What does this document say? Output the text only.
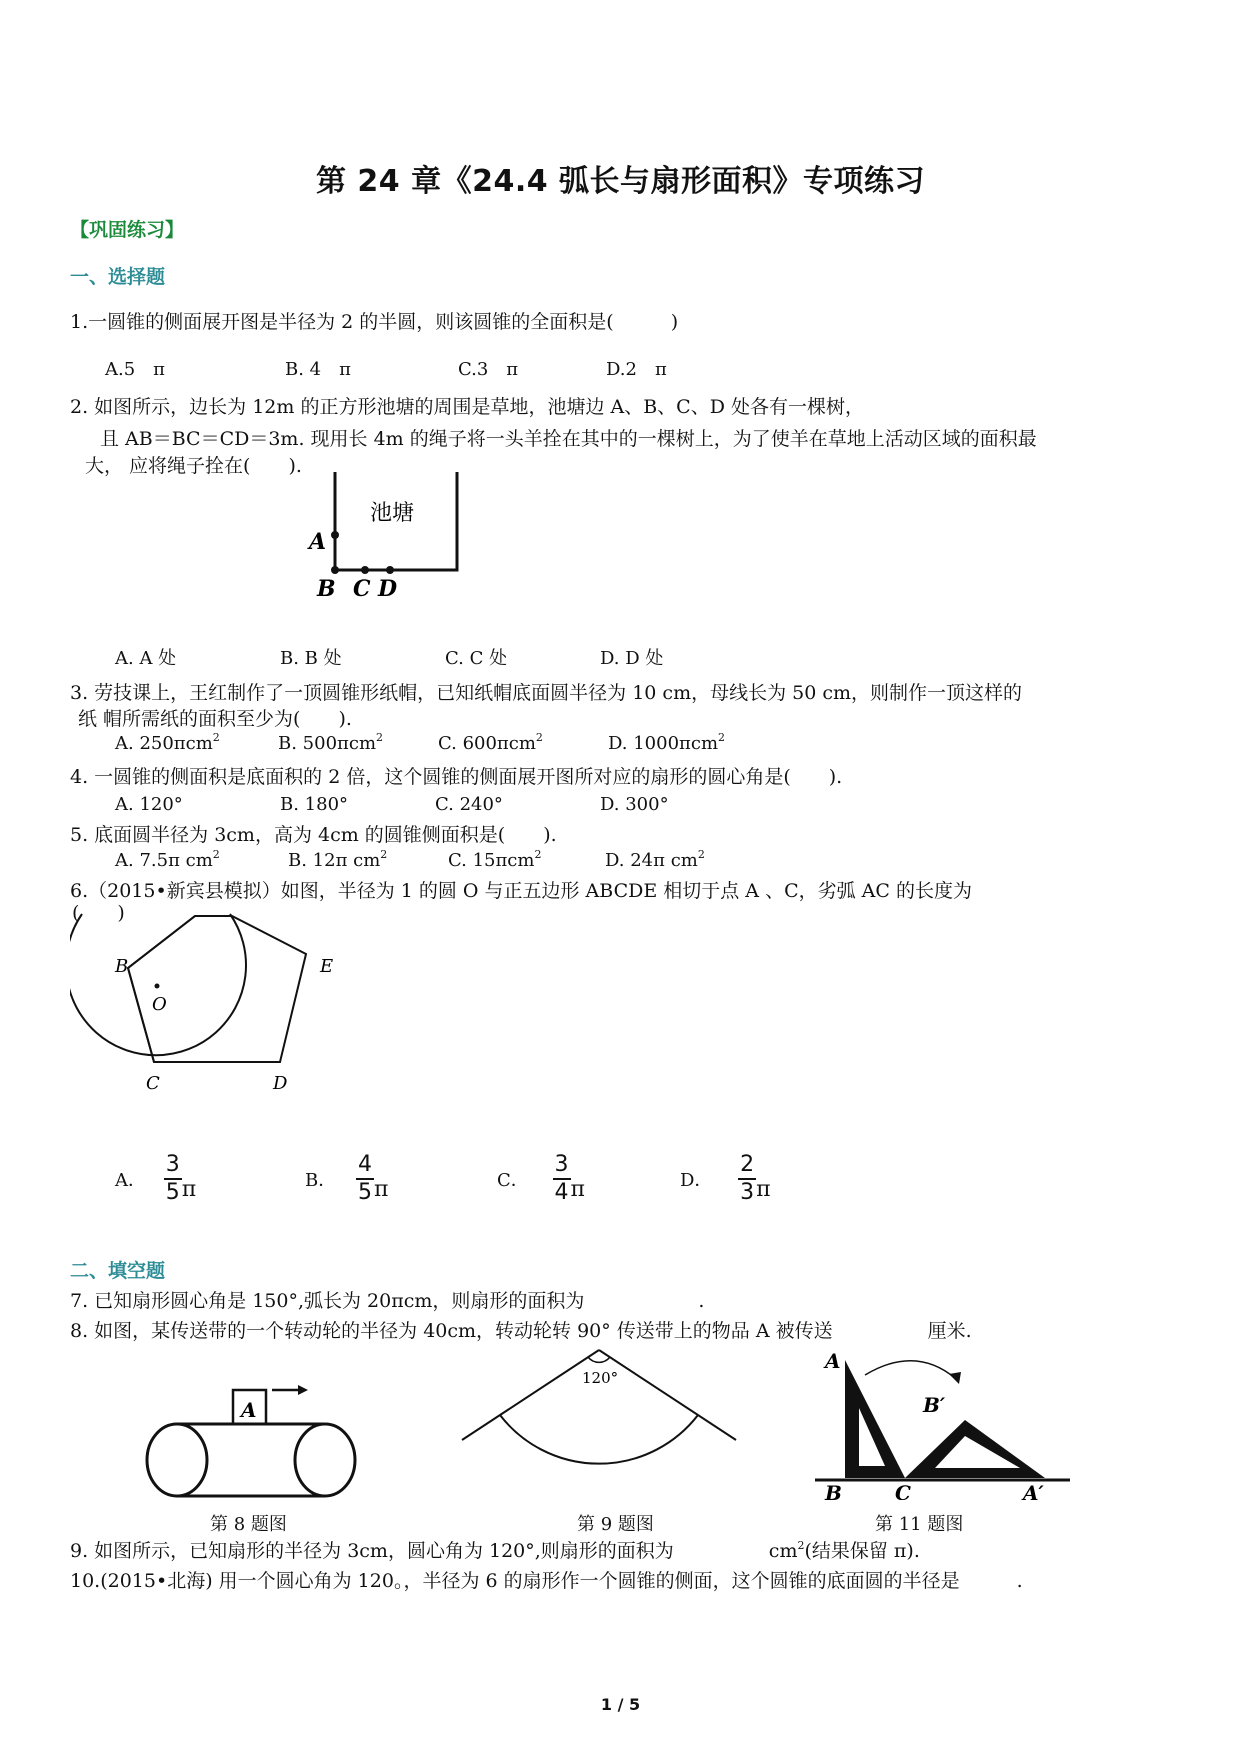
第 24 章《24.4 弧长与扇形面积》专项练习
【巩固练习】
一、选择题
1.一圆锥的侧面展开图是半径为 2 的半圆，则该圆锥的全面积是(　　　)
A.5　π	B. 4　π	C.3　π	D.2　π
2. 如图所示，边长为 12m 的正方形池塘的周围是草地，池塘边 A、B、C、D 处各有一棵树，
且 AB＝BC＝CD＝3m. 现用长 4m 的绳子将一头羊拴在其中的一棵树上，为了使羊在草地上活动区域的面积最
大， 应将绳子拴在(　　).
池塘
A
B C D
A. A 处	B. B 处	C. C 处	D. D 处
3. 劳技课上，王红制作了一顶圆锥形纸帽，已知纸帽底面圆半径为 10 cm，母线长为 50 cm，则制作一顶这样的
纸 帽所需纸的面积至少为(　　).
A. 250πcm$^2$	B. 500πcm$^2$	C. 600πcm$^2$	D. 1000πcm$^2$
4. 一圆锥的侧面积是底面积的 2 倍，这个圆锥的侧面展开图所对应的扇形的圆心角是(　　).
A. 120°	B. 180°	C. 240°	D. 300°
5. 底面圆半径为 3cm，高为 4cm 的圆锥侧面积是(　　).
A. 7.5π $cm^2$	B. 12π $cm^2$	C. 15πcm$^2$	D. 24π $cm^2$
6.（2015•新宾县模拟）如图，半径为 1 的圆 O 与正五边形 ABCDE 相切于点 A 、C，劣弧 AC 的长度为
(　　)
B
O
E
C	D
A． $\frac{3}{5}$ π	B． $\frac{4}{5}$ π	C． $\frac{3}{4}$ π	D． $\frac{2}{3}$ π
二、填空题
7. 已知扇形圆心角是 150°,弧长为 20πcm，则扇形的面积为　　　　　　.
8. 如图，某传送带的一个转动轮的半径为 40cm，转动轮转 90° 传送带上的物品 A 被传送　　　　　厘米.
A
120°
A
B′
B	C	A′
第 8 题图	第 9 题图	第 11 题图
9. 如图所示，已知扇形的半径为 3cm，圆心角为 120°,则扇形的面积为　　　　　$cm^2$(结果保留 π).
10.(2015•北海) 用一个圆心角为 120。，半径为 6 的扇形作一个圆锥的侧面，这个圆锥的底面圆的半径是　　　.
1 / 5
